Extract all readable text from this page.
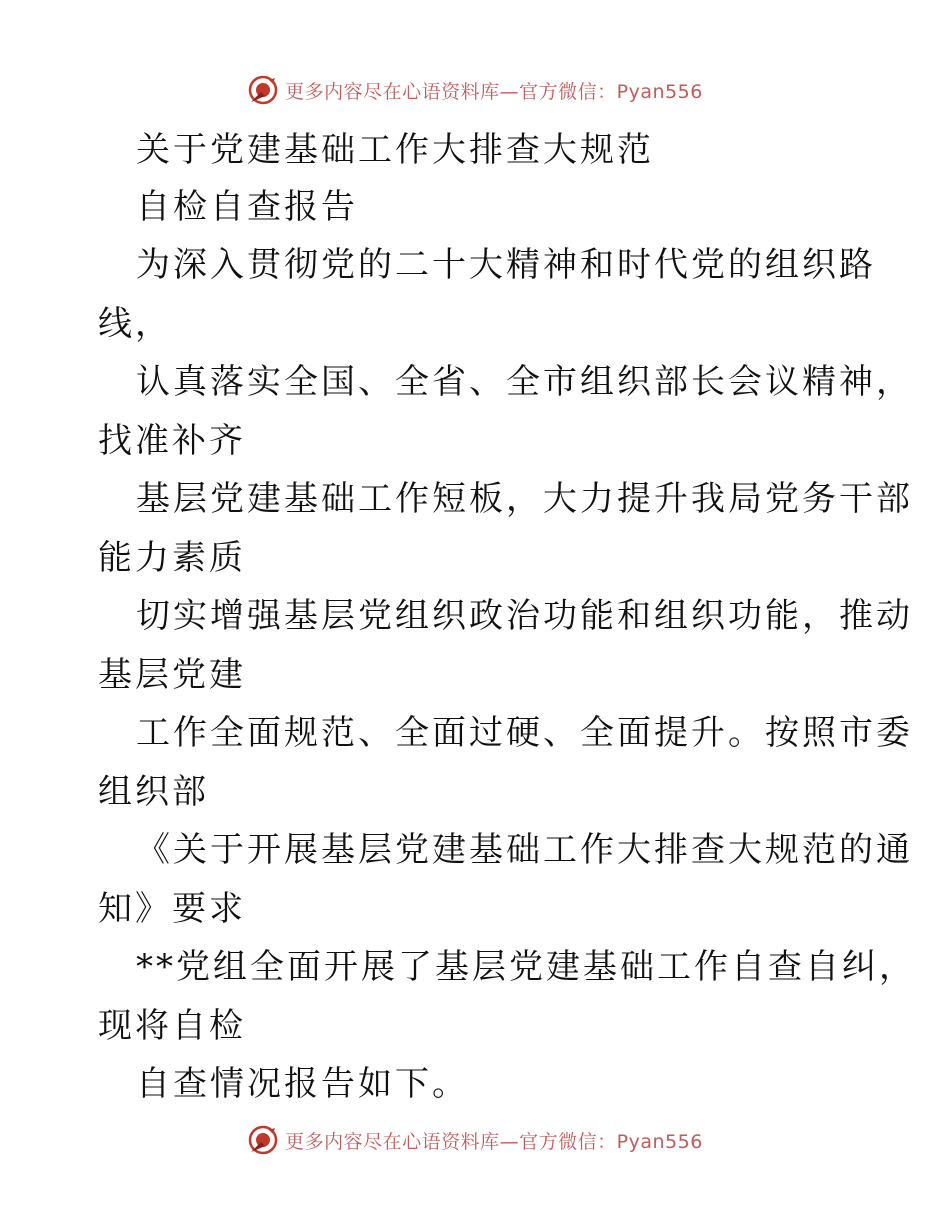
更多内容尽在心语资料库—官方微信：Pyan556
关于党建基础工作大排查大规范
自检自查报告
为深入贯彻党的二十大精神和时代党的组织路
线，
认真落实全国、全省、全市组织部长会议精神，
找准补齐
基层党建基础工作短板，大力提升我局党务干部
能力素质
切实增强基层党组织政治功能和组织功能，推动
基层党建
工作全面规范、全面过硬、全面提升。按照市委
组织部
《关于开展基层党建基础工作大排查大规范的通
知》要求
**党组全面开展了基层党建基础工作自查自纠，
现将自检
自查情况报告如下。
更多内容尽在心语资料库—官方微信：Pyan556
